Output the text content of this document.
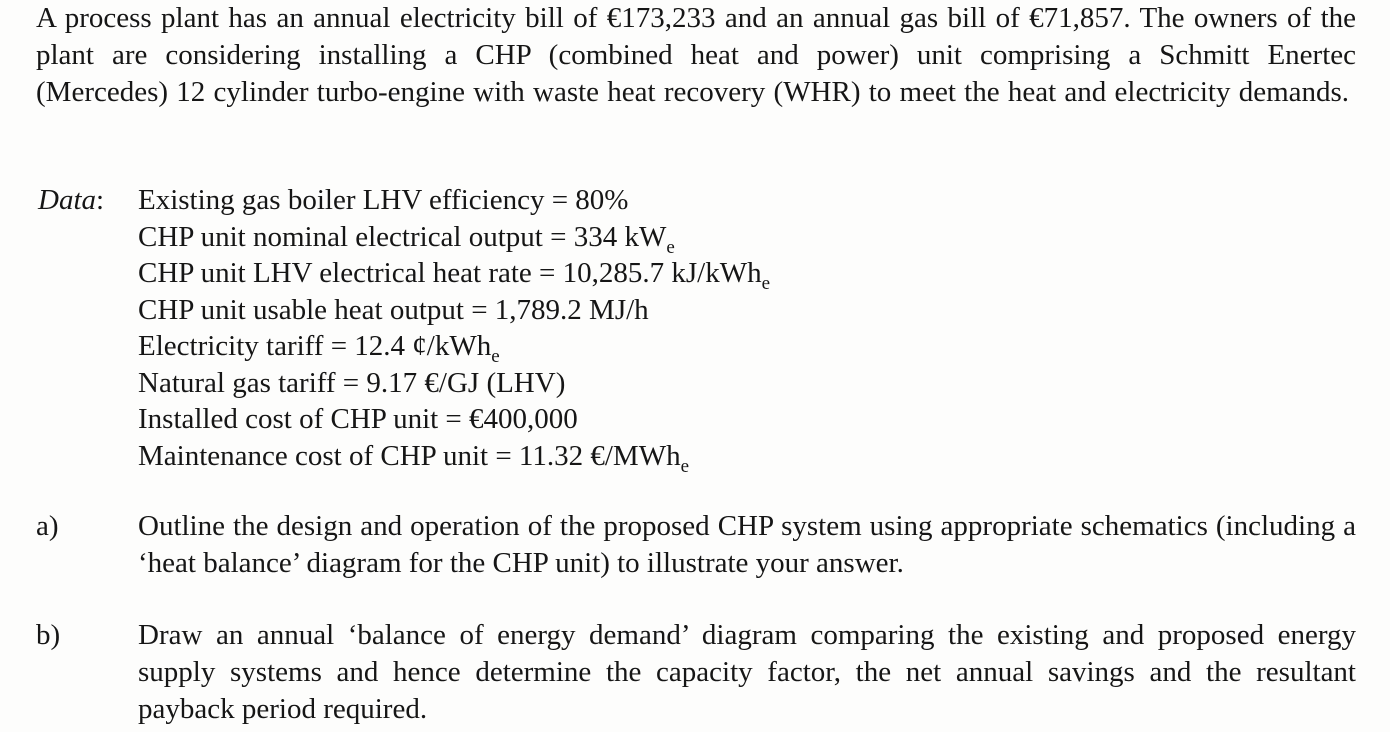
A process plant has an annual electricity bill of €173,233 and an annual gas bill of €71,857. The owners of the plant are considering installing a CHP (combined heat and power) unit comprising a Schmitt Enertec (Mercedes) 12 cylinder turbo-engine with waste heat recovery (WHR) to meet the heat and electricity demands.
Data: Existing gas boiler LHV efficiency = 80%
CHP unit nominal electrical output = 334 $kW_e$
CHP unit LHV electrical heat rate = 10,285.7 kJ/kWh$_e$
CHP unit usable heat output = 1,789.2 MJ/h
Electricity tariff = 12.4 ¢/kWh$_e$
Natural gas tariff = 9.17 €/GJ (LHV)
Installed cost of CHP unit = €400,000
Maintenance cost of CHP unit = 11.32 €/MWh$_e$
a)	Outline the design and operation of the proposed CHP system using appropriate schematics (including a ‘heat balance’ diagram for the CHP unit) to illustrate your answer.
b)	Draw an annual ‘balance of energy demand’ diagram comparing the existing and proposed energy supply systems and hence determine the capacity factor, the net annual savings and the resultant payback period required.
